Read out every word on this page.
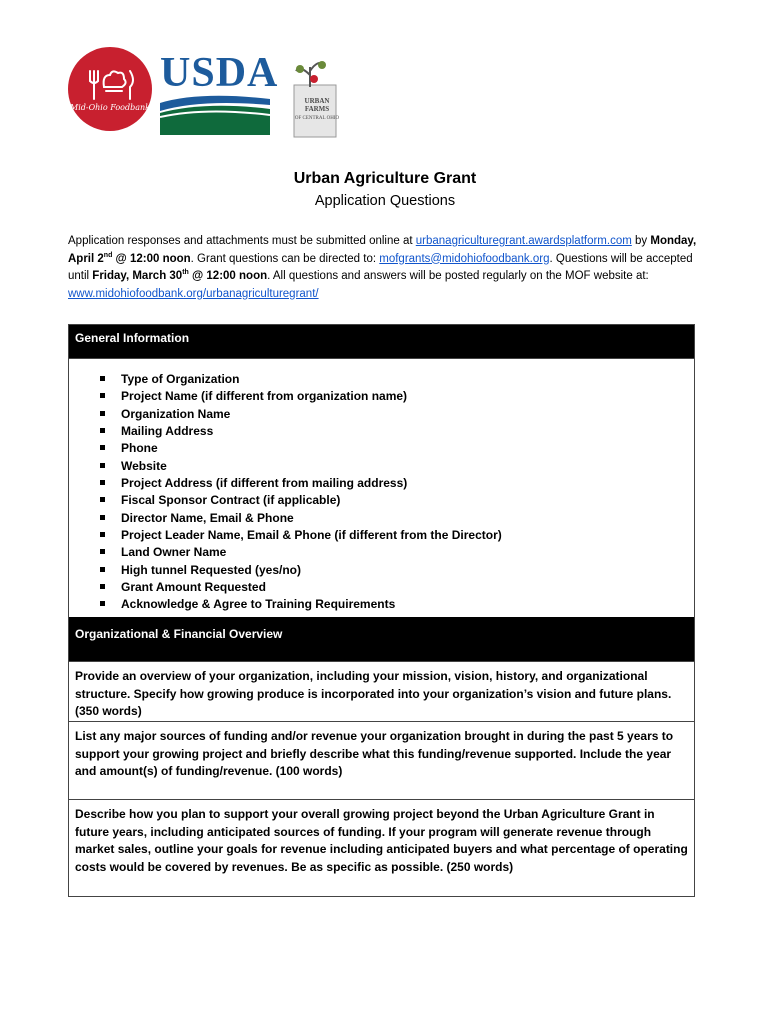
Mid-Ohio Foodbank
USDA
URBAN FARMS
OF CENTRAL OHIO
Urban Agriculture Grant
Application Questions
Application responses and attachments must be submitted online at urbanagriculturegrant.awardsplatform.com by Monday, April 2nd @ 12:00 noon. Grant questions can be directed to: mofgrants@midohiofoodbank.org. Questions will be accepted until Friday, March 30th @ 12:00 noon. All questions and answers will be posted regularly on the MOF website at: www.midohiofoodbank.org/urbanagriculturegrant/
General Information
Type of Organization
Project Name (if different from organization name)
Organization Name
Mailing Address
Phone
Website
Project Address (if different from mailing address)
Fiscal Sponsor Contract (if applicable)
Director Name, Email & Phone
Project Leader Name, Email & Phone (if different from the Director)
Land Owner Name
High tunnel Requested (yes/no)
Grant Amount Requested
Acknowledge & Agree to Training Requirements
Site Visit Availability
Organizational & Financial Overview
Provide an overview of your organization, including your mission, vision, history, and organizational structure. Specify how growing produce is incorporated into your organization’s vision and future plans. (350 words)
List any major sources of funding and/or revenue your organization brought in during the past 5 years to support your growing project and briefly describe what this funding/revenue supported. Include the year and amount(s) of funding/revenue. (100 words)
Describe how you plan to support your overall growing project beyond the Urban Agriculture Grant in future years, including anticipated sources of funding. If your program will generate revenue through market sales, outline your goals for revenue including anticipated buyers and what percentage of operating costs would be covered by revenues. Be as specific as possible. (250 words)
